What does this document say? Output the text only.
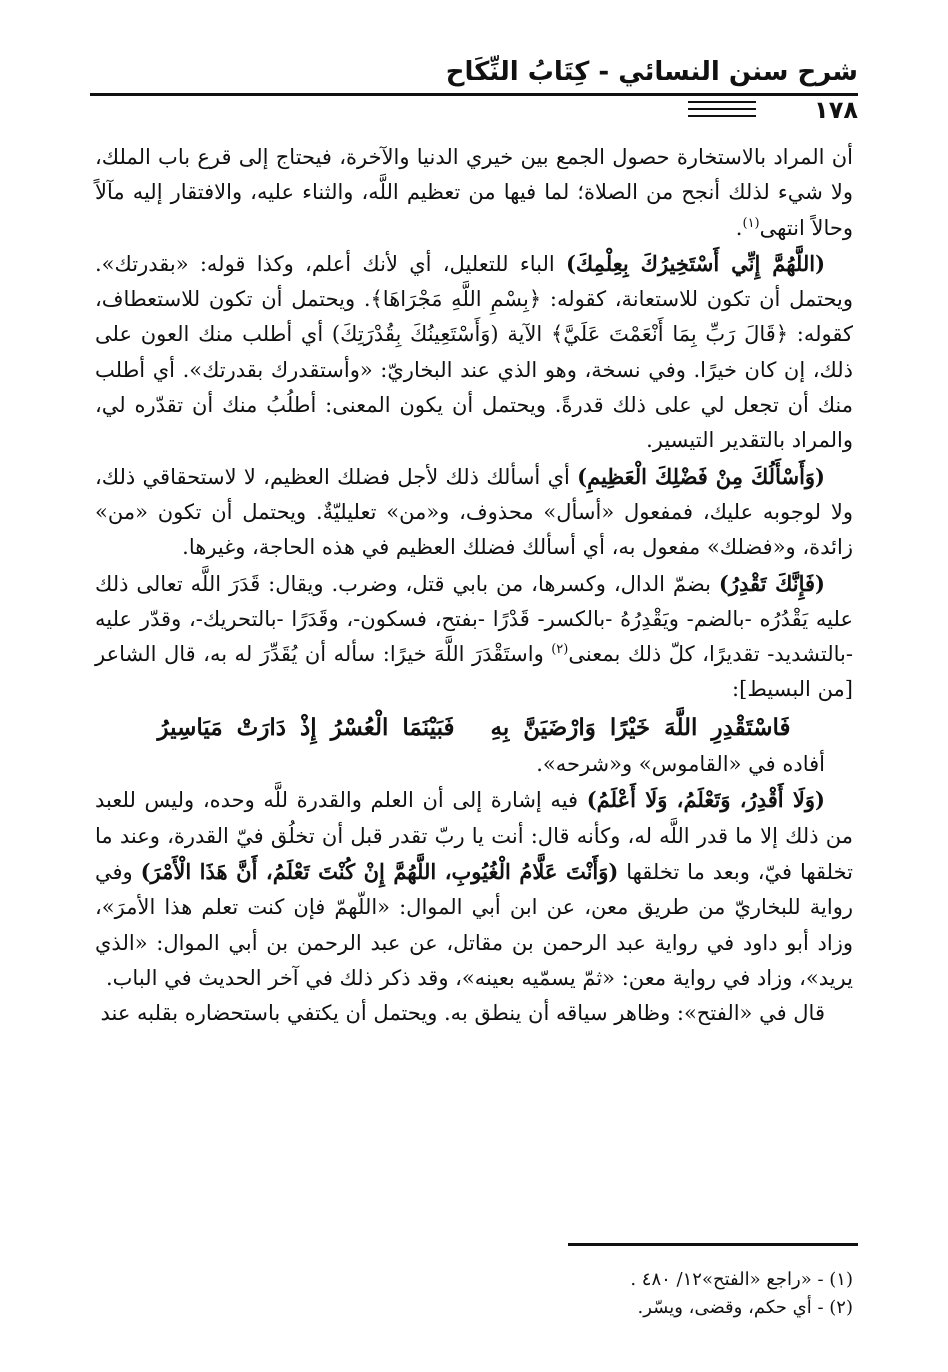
شرح سنن النسائي - كِتَابُ النِّكَاح
١٧٨

أن المراد بالاستخارة حصول الجمع بين خيري الدنيا والآخرة، فيحتاج إلى قرع باب الملك، ولا شيء لذلك أنجح من الصلاة؛ لما فيها من تعظيم اللَّه، والثناء عليه، والافتقار إليه مآلاً وحالاً انتهى$^{(١)}$.

(اللَّهُمَّ إِنِّي أَسْتَخِيرُكَ بِعِلْمِكَ) الباء للتعليل، أي لأنك أعلم، وكذا قوله: «بقدرتك». ويحتمل أن تكون للاستعانة، كقوله: ﴿بِسْمِ اللَّهِ مَجْرَاهَا﴾. ويحتمل أن تكون للاستعطاف، كقوله: ﴿قَالَ رَبِّ بِمَا أَنْعَمْتَ عَلَيَّ﴾ الآية (وَأَسْتَعِينُكَ بِقُدْرَتِكَ) أي أطلب منك العون على ذلك، إن كان خيرًا. وفي نسخة، وهو الذي عند البخاريّ: «وأستقدرك بقدرتك». أي أطلب منك أن تجعل لي على ذلك قدرةً. ويحتمل أن يكون المعنى: أطلُبُ منك أن تقدّره لي، والمراد بالتقدير التيسير.

(وَأَسْأَلُكَ مِنْ فَضْلِكَ الْعَظِيمِ) أي أسألك ذلك لأجل فضلك العظيم، لا لاستحقاقي ذلك، ولا لوجوبه عليك، فمفعول «أسأل» محذوف، و«من» تعليليّةٌ. ويحتمل أن تكون «من» زائدة، و«فضلك» مفعول به، أي أسألك فضلك العظيم في هذه الحاجة، وغيرها.

(فَإِنَّكَ تَقْدِرُ) بضمّ الدال، وكسرها، من بابي قتل، وضرب. ويقال: قَدَرَ اللَّه تعالى ذلك عليه يَقْدُرُه -بالضم- ويَقْدِرُهُ -بالكسر- قَدْرًا -بفتح، فسكون-، وقَدَرًا -بالتحريك-، وقدّر عليه -بالتشديد- تقديرًا، كلّ ذلك بمعنى$^{(٢)}$ واستَقْدَرَ اللَّهَ خيرًا: سأله أن يُقَدِّرَ له به، قال الشاعر [من البسيط]:

فَاسْتَقْدِرِ اللَّهَ خَيْرًا وَارْضَيَنَّ بِهِفَبَيْنَمَا الْعُسْرُ إِذْ دَارَتْ مَيَاسِيرُ

أفاده في «القاموس» و«شرحه».

(وَلَا أَقْدِرُ، وَتَعْلَمُ، وَلَا أَعْلَمُ) فيه إشارة إلى أن العلم والقدرة للَّه وحده، وليس للعبد من ذلك إلا ما قدر اللَّه له، وكأنه قال: أنت يا ربّ تقدر قبل أن تخلُق فيّ القدرة، وعند ما تخلقها فيّ، وبعد ما تخلقها (وَأَنْتَ عَلَّامُ الْغُيُوبِ، اللَّهُمَّ إِنْ كُنْتَ تَعْلَمُ، أَنَّ هَذَا الْأَمْرَ) وفي رواية للبخاريّ من طريق معن، عن ابن أبي الموال: «اللّهمّ فإن كنت تعلم هذا الأمرَ»، وزاد أبو داود في رواية عبد الرحمن بن مقاتل، عن عبد الرحمن بن أبي الموال: «الذي يريد»، وزاد في رواية معن: «ثمّ يسمّيه بعينه»، وقد ذكر ذلك في آخر الحديث في الباب.

قال في «الفتح»: وظاهر سياقه أن ينطق به. ويحتمل أن يكتفي باستحضاره بقلبه عند

(١) - «راجع «الفتح»١٢/ ٤٨٠ .

(٢) - أي حكم، وقضى، ويسّر.
